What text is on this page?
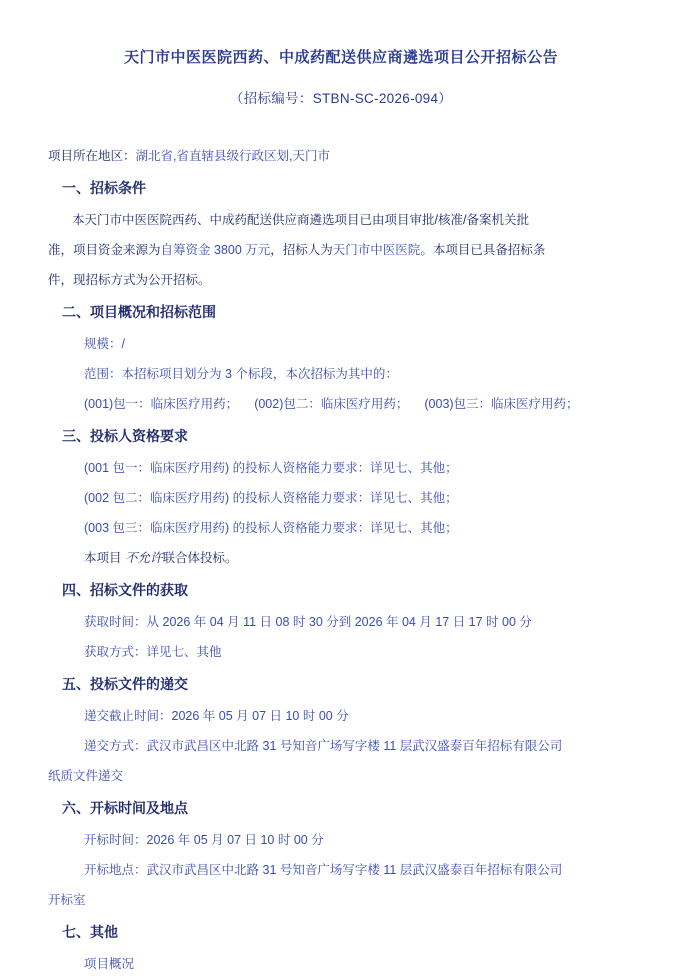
天门市中医医院西药、中成药配送供应商遴选项目公开招标公告
（招标编号：STBN-SC-2026-094）
项目所在地区：湖北省,省直辖县级行政区划,天门市
一、招标条件
本天门市中医医院西药、中成药配送供应商遴选项目已由项目审批/核准/备案机关批
准，项目资金来源为自筹资金 3800 万元，招标人为天门市中医医院。本项目已具备招标条
件，现招标方式为公开招标。
二、项目概况和招标范围
规模：/
范围：本招标项目划分为 3 个标段，本次招标为其中的：
(001)包一：临床医疗用药； (002)包二：临床医疗用药； (003)包三：临床医疗用药；
三、投标人资格要求
(001 包一：临床医疗用药) 的投标人资格能力要求：详见七、其他；
(002 包二：临床医疗用药) 的投标人资格能力要求：详见七、其他；
(003 包三：临床医疗用药) 的投标人资格能力要求：详见七、其他；
本项目 不允许联合体投标。
四、招标文件的获取
获取时间：从 2026 年 04 月 11 日 08 时 30 分到 2026 年 04 月 17 日 17 时 00 分
获取方式：详见七、其他
五、投标文件的递交
递交截止时间：2026 年 05 月 07 日 10 时 00 分
递交方式：武汉市武昌区中北路 31 号知音广场写字楼 11 层武汉盛泰百年招标有限公司
纸质文件递交
六、开标时间及地点
开标时间：2026 年 05 月 07 日 10 时 00 分
开标地点：武汉市武昌区中北路 31 号知音广场写字楼 11 层武汉盛泰百年招标有限公司
开标室
七、其他
项目概况
